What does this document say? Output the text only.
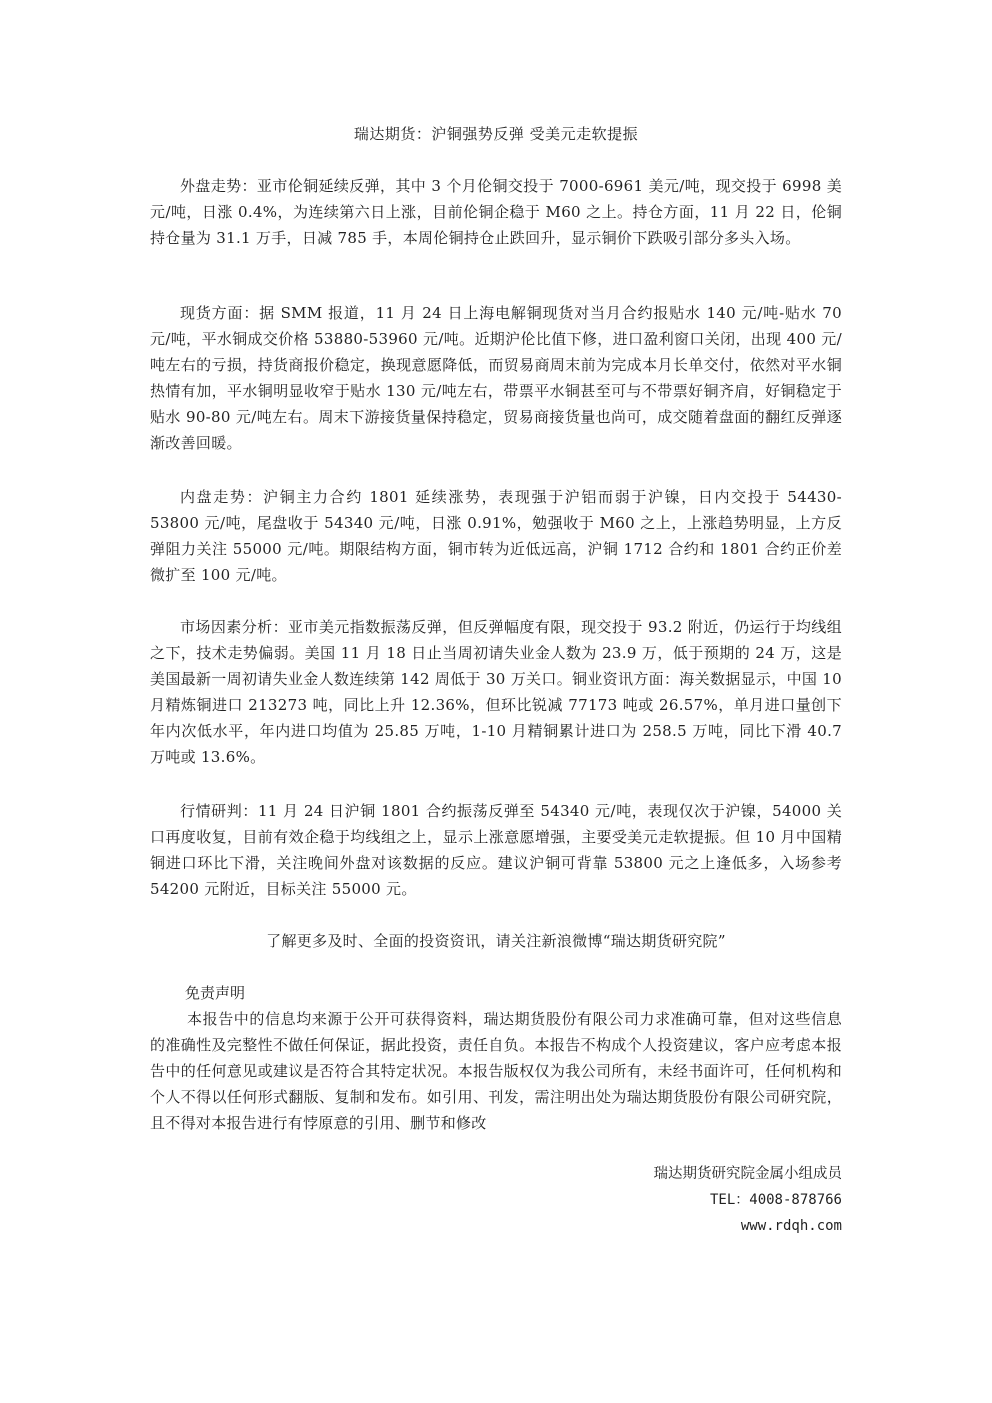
瑞达期货：沪铜强势反弹 受美元走软提振

外盘走势：亚市伦铜延续反弹，其中 3 个月伦铜交投于 7000-6961 美元/吨，现交投于 6998 美元/吨，日涨 0.4%，为连续第六日上涨，目前伦铜企稳于 M60 之上。持仓方面，11 月 22 日，伦铜持仓量为 31.1 万手，日减 785 手，本周伦铜持仓止跌回升，显示铜价下跌吸引部分多头入场。

现货方面：据 SMM 报道，11 月 24 日上海电解铜现货对当月合约报贴水 140 元/吨-贴水 70 元/吨，平水铜成交价格 53880-53960 元/吨。近期沪伦比值下修，进口盈利窗口关闭，出现 400 元/吨左右的亏损，持货商报价稳定，换现意愿降低，而贸易商周末前为完成本月长单交付，依然对平水铜热情有加，平水铜明显收窄于贴水 130 元/吨左右，带票平水铜甚至可与不带票好铜齐肩，好铜稳定于贴水 90-80 元/吨左右。周末下游接货量保持稳定，贸易商接货量也尚可，成交随着盘面的翻红反弹逐渐改善回暖。

内盘走势：沪铜主力合约 1801 延续涨势，表现强于沪铝而弱于沪镍，日内交投于 54430-53800 元/吨，尾盘收于 54340 元/吨，日涨 0.91%，勉强收于 M60 之上，上涨趋势明显，上方反弹阻力关注 55000 元/吨。期限结构方面，铜市转为近低远高，沪铜 1712 合约和 1801 合约正价差微扩至 100 元/吨。

市场因素分析：亚市美元指数振荡反弹，但反弹幅度有限，现交投于 93.2 附近，仍运行于均线组之下，技术走势偏弱。美国 11 月 18 日止当周初请失业金人数为 23.9 万，低于预期的 24 万，这是美国最新一周初请失业金人数连续第 142 周低于 30 万关口。铜业资讯方面：海关数据显示，中国 10 月精炼铜进口 213273 吨，同比上升 12.36%，但环比锐减 77173 吨或 26.57%，单月进口量创下年内次低水平，年内进口均值为 25.85 万吨，1-10 月精铜累计进口为 258.5 万吨，同比下滑 40.7 万吨或 13.6%。

行情研判：11 月 24 日沪铜 1801 合约振荡反弹至 54340 元/吨，表现仅次于沪镍，54000 关口再度收复，目前有效企稳于均线组之上，显示上涨意愿增强，主要受美元走软提振。但 10 月中国精铜进口环比下滑，关注晚间外盘对该数据的反应。建议沪铜可背靠 53800 元之上逢低多，入场参考 54200 元附近，目标关注 55000 元。

了解更多及时、全面的投资资讯，请关注新浪微博“瑞达期货研究院”
免责声明

本报告中的信息均来源于公开可获得资料，瑞达期货股份有限公司力求准确可靠，但对这些信息的准确性及完整性不做任何保证，据此投资，责任自负。本报告不构成个人投资建议，客户应考虑本报告中的任何意见或建议是否符合其特定状况。本报告版权仅为我公司所有，未经书面许可，任何机构和个人不得以任何形式翻版、复制和发布。如引用、刊发，需注明出处为瑞达期货股份有限公司研究院，且不得对本报告进行有悖原意的引用、删节和修改

瑞达期货研究院金属小组成员
TEL：4008-878766
www.rdqh.com
